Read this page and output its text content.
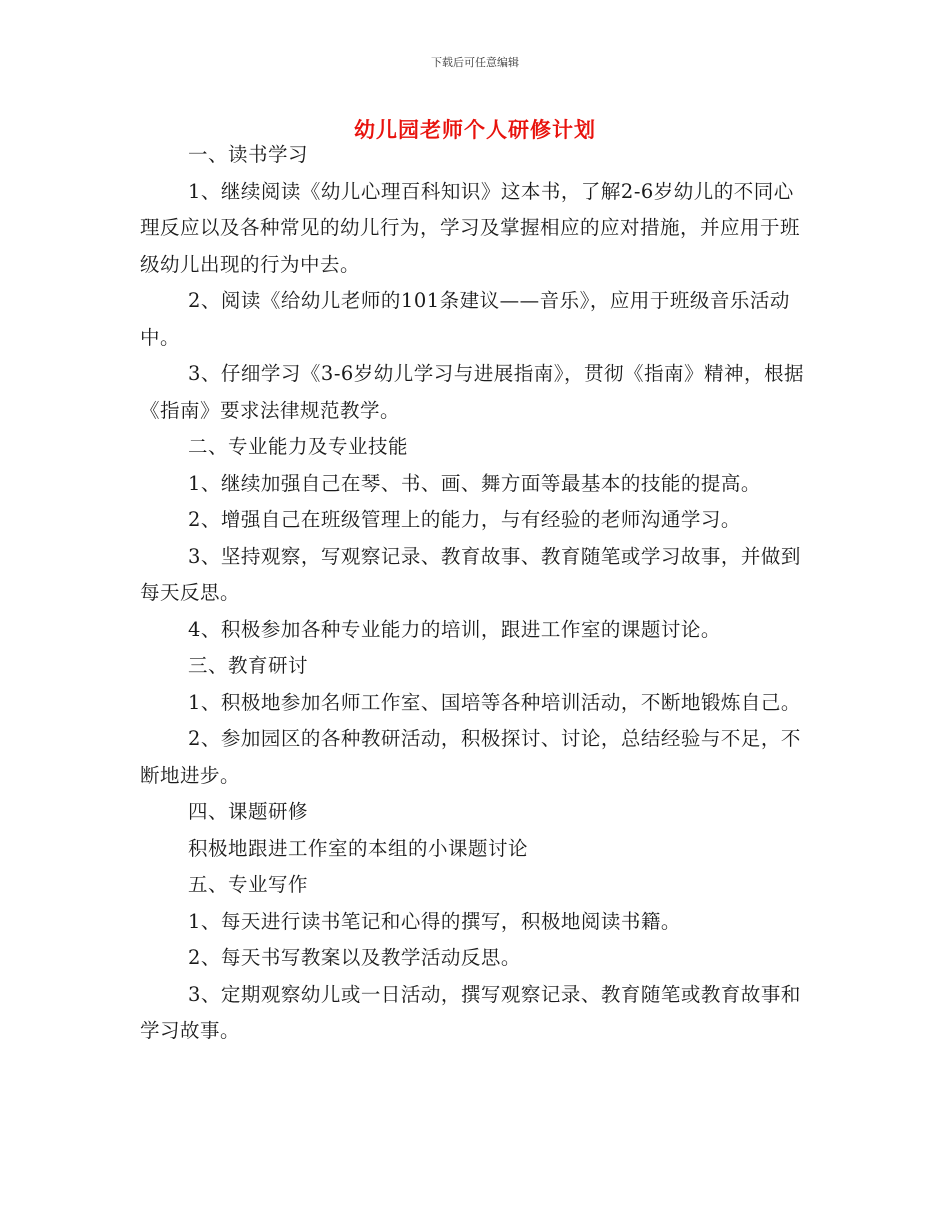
下载后可任意编辑
幼儿园老师个人研修计划

一、读书学习

1、继续阅读《幼儿心理百科知识》这本书，了解2-6岁幼儿的不同心理反应以及各种常见的幼儿行为，学习及掌握相应的应对措施，并应用于班级幼儿出现的行为中去。

2、阅读《给幼儿老师的101条建议——音乐》，应用于班级音乐活动中。

3、仔细学习《3-6岁幼儿学习与进展指南》，贯彻《指南》精神，根据《指南》要求法律规范教学。

二、专业能力及专业技能

1、继续加强自己在琴、书、画、舞方面等最基本的技能的提高。

2、增强自己在班级管理上的能力，与有经验的老师沟通学习。

3、坚持观察，写观察记录、教育故事、教育随笔或学习故事，并做到每天反思。

4、积极参加各种专业能力的培训，跟进工作室的课题讨论。

三、教育研讨

1、积极地参加名师工作室、国培等各种培训活动，不断地锻炼自己。

2、参加园区的各种教研活动，积极探讨、讨论，总结经验与不足，不断地进步。

四、课题研修

积极地跟进工作室的本组的小课题讨论

五、专业写作

1、每天进行读书笔记和心得的撰写，积极地阅读书籍。

2、每天书写教案以及教学活动反思。

3、定期观察幼儿或一日活动，撰写观察记录、教育随笔或教育故事和学习故事。
